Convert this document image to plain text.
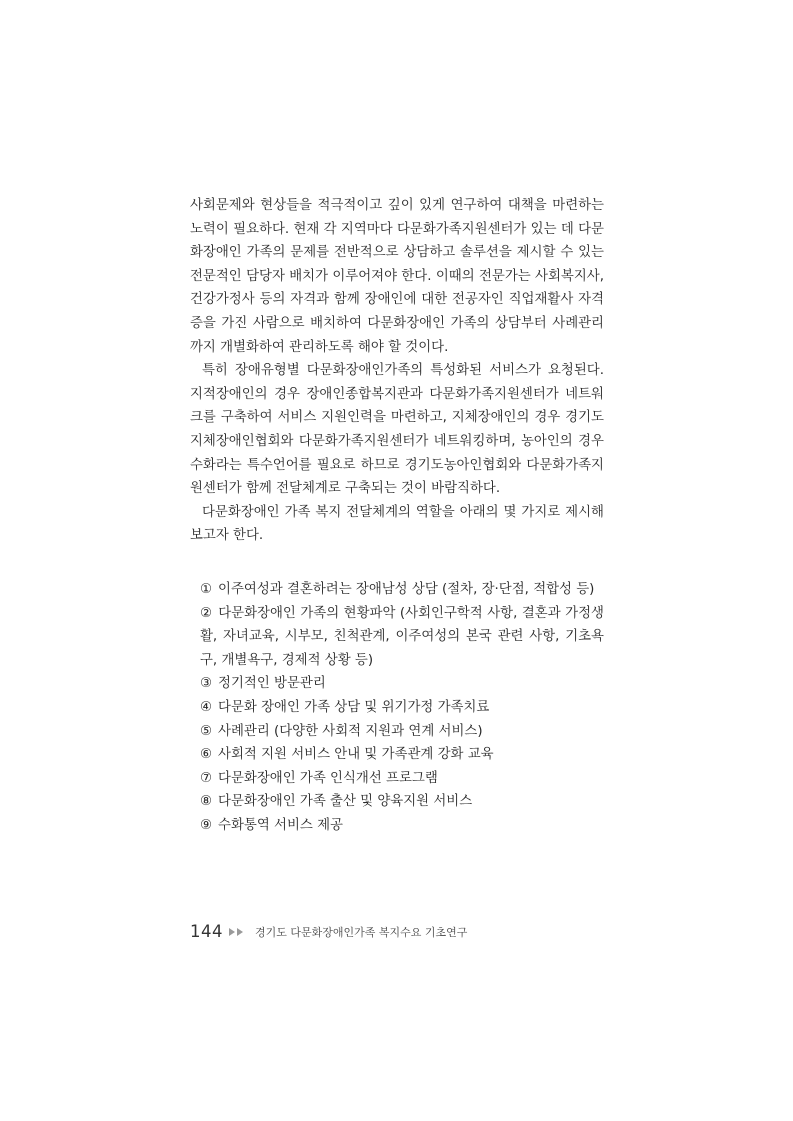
사회문제와 현상들을 적극적이고 깊이 있게 연구하여 대책을 마련하는 노력이 필요하다. 현재 각 지역마다 다문화가족지원센터가 있는 데 다문화장애인 가족의 문제를 전반적으로 상담하고 솔루션을 제시할 수 있는 전문적인 담당자 배치가 이루어져야 한다. 이때의 전문가는 사회복지사, 건강가정사 등의 자격과 함께 장애인에 대한 전공자인 직업재활사 자격증을 가진 사람으로 배치하여 다문화장애인 가족의 상담부터 사례관리까지 개별화하여 관리하도록 해야 할 것이다.

특히 장애유형별 다문화장애인가족의 특성화된 서비스가 요청된다. 지적장애인의 경우 장애인종합복지관과 다문화가족지원센터가 네트워크를 구축하여 서비스 지원인력을 마련하고, 지체장애인의 경우 경기도 지체장애인협회와 다문화가족지원센터가 네트워킹하며, 농아인의 경우 수화라는 특수언어를 필요로 하므로 경기도농아인협회와 다문화가족지원센터가 함께 전달체계로 구축되는 것이 바람직하다.

다문화장애인 가족 복지 전달체계의 역할을 아래의 몇 가지로 제시해 보고자 한다.

① 이주여성과 결혼하려는 장애남성 상담 (절차, 장·단점, 적합성 등)
② 다문화장애인 가족의 현황파악 (사회인구학적 사항, 결혼과 가정생활, 자녀교육, 시부모, 친척관계, 이주여성의 본국 관련 사항, 기초욕구, 개별욕구, 경제적 상황 등)
③ 정기적인 방문관리
④ 다문화 장애인 가족 상담 및 위기가정 가족치료
⑤ 사례관리 (다양한 사회적 지원과 연계 서비스)
⑥ 사회적 지원 서비스 안내 및 가족관계 강화 교육
⑦ 다문화장애인 가족 인식개선 프로그램
⑧ 다문화장애인 가족 출산 및 양육지원 서비스
⑨ 수화통역 서비스 제공
144	경기도 다문화장애인가족 복지수요 기초연구
